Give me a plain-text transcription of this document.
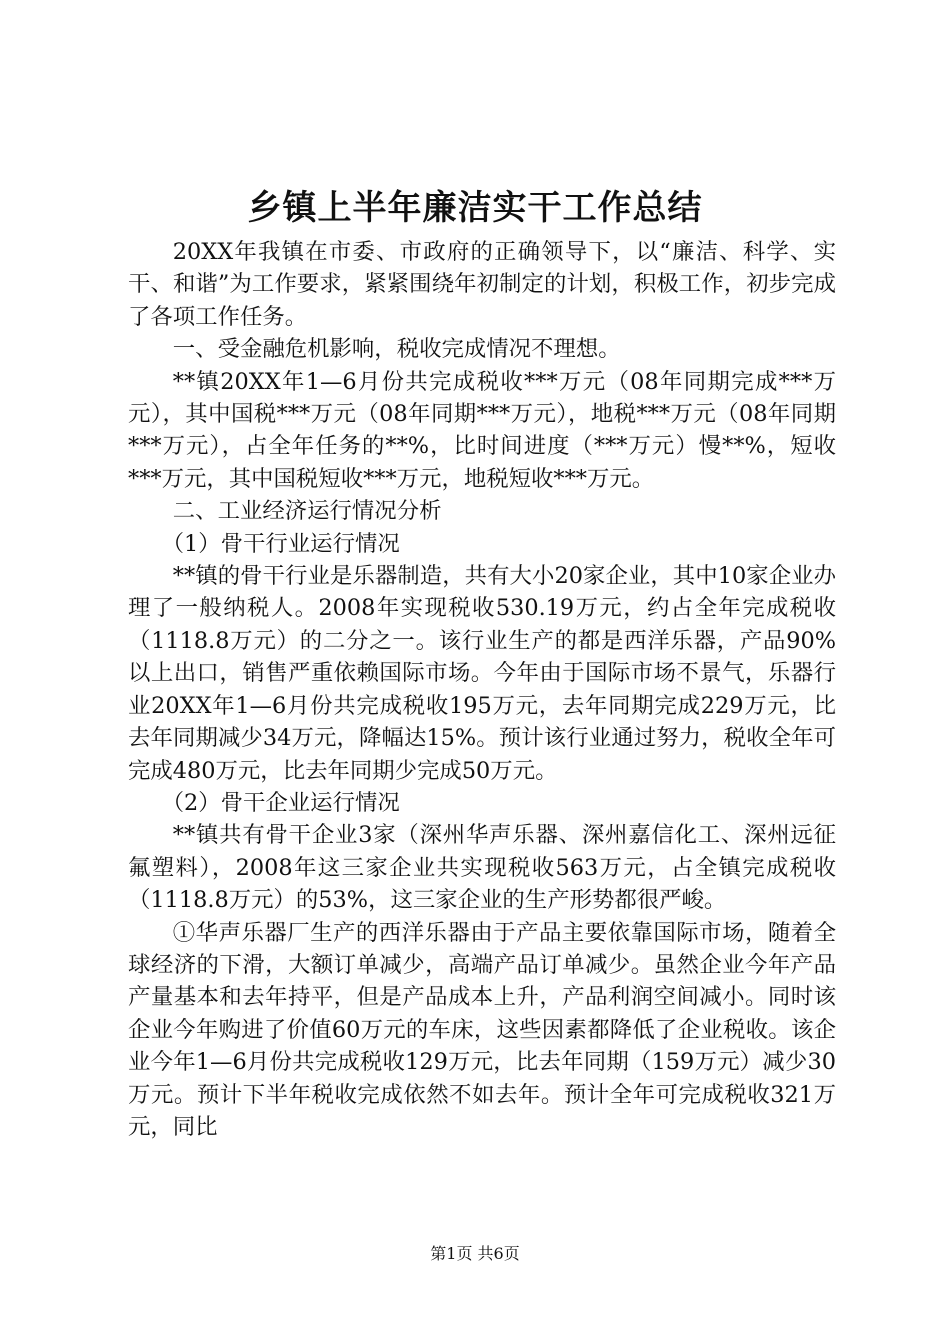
乡镇上半年廉洁实干工作总结

20XX年我镇在市委、市政府的正确领导下，以“廉洁、科学、实干、和谐”为工作要求，紧紧围绕年初制定的计划，积极工作，初步完成了各项工作任务。

一、受金融危机影响，税收完成情况不理想。

**镇20XX年1—6月份共完成税收***万元（08年同期完成***万元），其中国税***万元（08年同期***万元），地税***万元（08年同期***万元），占全年任务的**%，比时间进度（***万元）慢**%，短收***万元，其中国税短收***万元，地税短收***万元。

二、工业经济运行情况分析

（1）骨干行业运行情况

**镇的骨干行业是乐器制造，共有大小20家企业，其中10家企业办理了一般纳税人。2008年实现税收530.19万元，约占全年完成税收（1118.8万元）的二分之一。该行业生产的都是西洋乐器，产品90%以上出口，销售严重依赖国际市场。今年由于国际市场不景气，乐器行业20XX年1—6月份共完成税收195万元，去年同期完成229万元，比去年同期减少34万元，降幅达15%。预计该行业通过努力，税收全年可完成480万元，比去年同期少完成50万元。

（2）骨干企业运行情况

**镇共有骨干企业3家（深州华声乐器、深州嘉信化工、深州远征氟塑料），2008年这三家企业共实现税收563万元，占全镇完成税收（1118.8万元）的53%，这三家企业的生产形势都很严峻。

①华声乐器厂生产的西洋乐器由于产品主要依靠国际市场，随着全球经济的下滑，大额订单减少，高端产品订单减少。虽然企业今年产品产量基本和去年持平，但是产品成本上升，产品利润空间减小。同时该企业今年购进了价值60万元的车床，这些因素都降低了企业税收。该企业今年1—6月份共完成税收129万元，比去年同期（159万元）减少30万元。预计下半年税收完成依然不如去年。预计全年可完成税收321万元，同比

第1页 共6页
